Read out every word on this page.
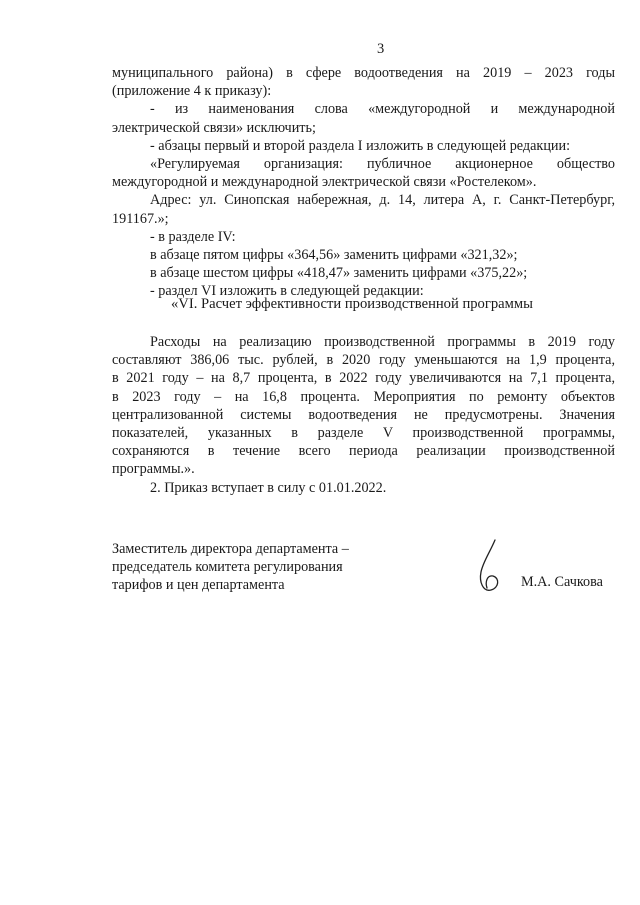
3
муниципального района) в сфере водоотведения на 2019 – 2023 годы
(приложение 4 к приказу):
- из наименования слова «междугородной и международной
электрической связи» исключить;
- абзацы первый и второй раздела I изложить в следующей редакции:
«Регулируемая организация: публичное акционерное общество
междугородной и международной электрической связи «Ростелеком».
Адрес: ул. Синопская набережная, д. 14, литера А, г. Санкт-Петербург,
191167.»;
- в разделе IV:
в абзаце пятом цифры «364,56» заменить цифрами «321,32»;
в абзаце шестом цифры «418,47» заменить цифрами «375,22»;
- раздел VI изложить в следующей редакции:
«VI. Расчет эффективности производственной программы
Расходы на реализацию производственной программы в 2019 году
составляют 386,06 тыс. рублей, в 2020 году уменьшаются на 1,9 процента,
в 2021 году – на 8,7 процента, в 2022 году увеличиваются на 7,1 процента,
в 2023 году – на 16,8 процента. Мероприятия по ремонту объектов
централизованной системы водоотведения не предусмотрены. Значения
показателей, указанных в разделе V производственной программы,
сохраняются в течение всего периода реализации производственной
программы.».
2. Приказ вступает в силу с 01.01.2022.
Заместитель директора департамента –
председатель комитета регулирования
тарифов и цен департамента	М.А. Сачкова
